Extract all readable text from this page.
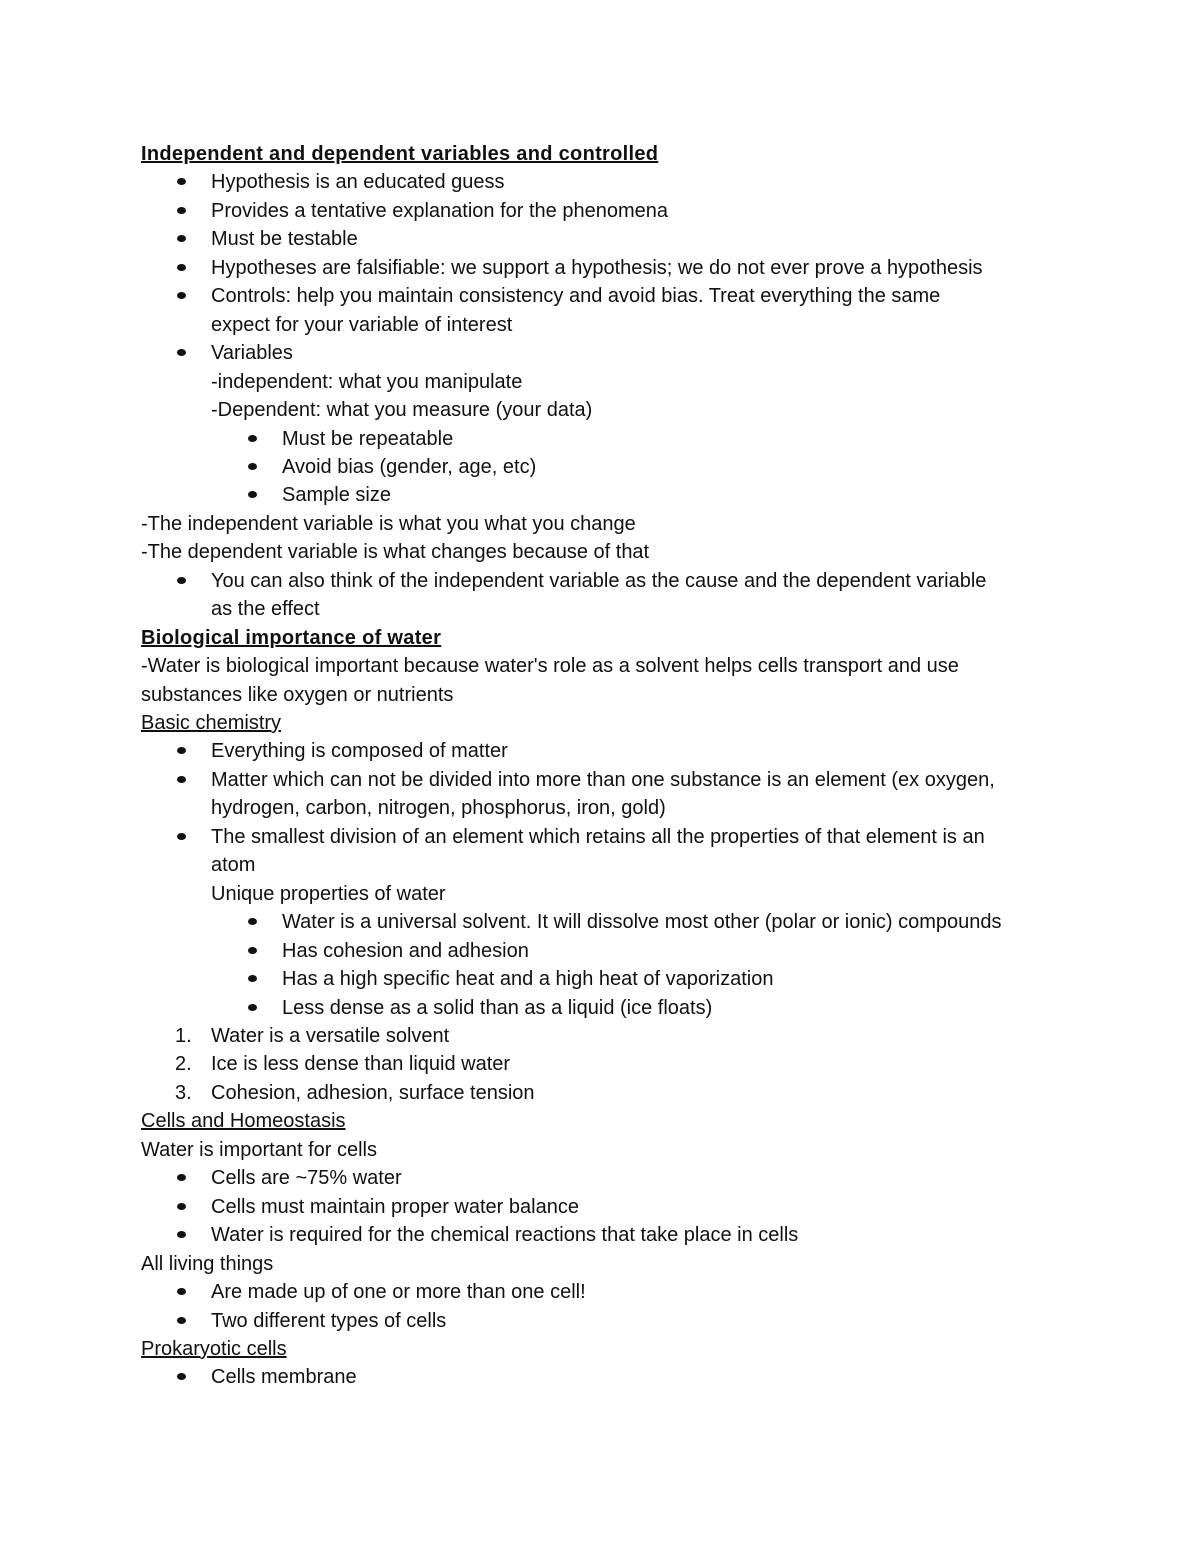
Independent and dependent variables and controlled
Hypothesis is an educated guess
Provides a tentative explanation for the phenomena
Must be testable
Hypotheses are falsifiable: we support a hypothesis; we do not ever prove a hypothesis
Controls: help you maintain consistency and avoid bias. Treat everything the same
expect for your variable of interest
Variables
-independent: what you manipulate
-Dependent: what you measure (your data)
Must be repeatable
Avoid bias (gender, age, etc)
Sample size
-The independent variable is what you what you change
-The dependent variable is what changes because of that
You can also think of the independent variable as the cause and the dependent variable
as the effect
Biological importance of water
-Water is biological important because water's role as a solvent helps cells transport and use
substances like oxygen or nutrients
Basic chemistry
Everything is composed of matter
Matter which can not be divided into more than one substance is an element (ex oxygen,
hydrogen, carbon, nitrogen, phosphorus, iron, gold)
The smallest division of an element which retains all the properties of that element is an
atom
Unique properties of water
Water is a universal solvent. It will dissolve most other (polar or ionic) compounds
Has cohesion and adhesion
Has a high specific heat and a high heat of vaporization
Less dense as a solid than as a liquid (ice floats)
1. Water is a versatile solvent
2. Ice is less dense than liquid water
3. Cohesion, adhesion, surface tension
Cells and Homeostasis
Water is important for cells
Cells are ~75% water
Cells must maintain proper water balance
Water is required for the chemical reactions that take place in cells
All living things
Are made up of one or more than one cell!
Two different types of cells
Prokaryotic cells
Cells membrane
